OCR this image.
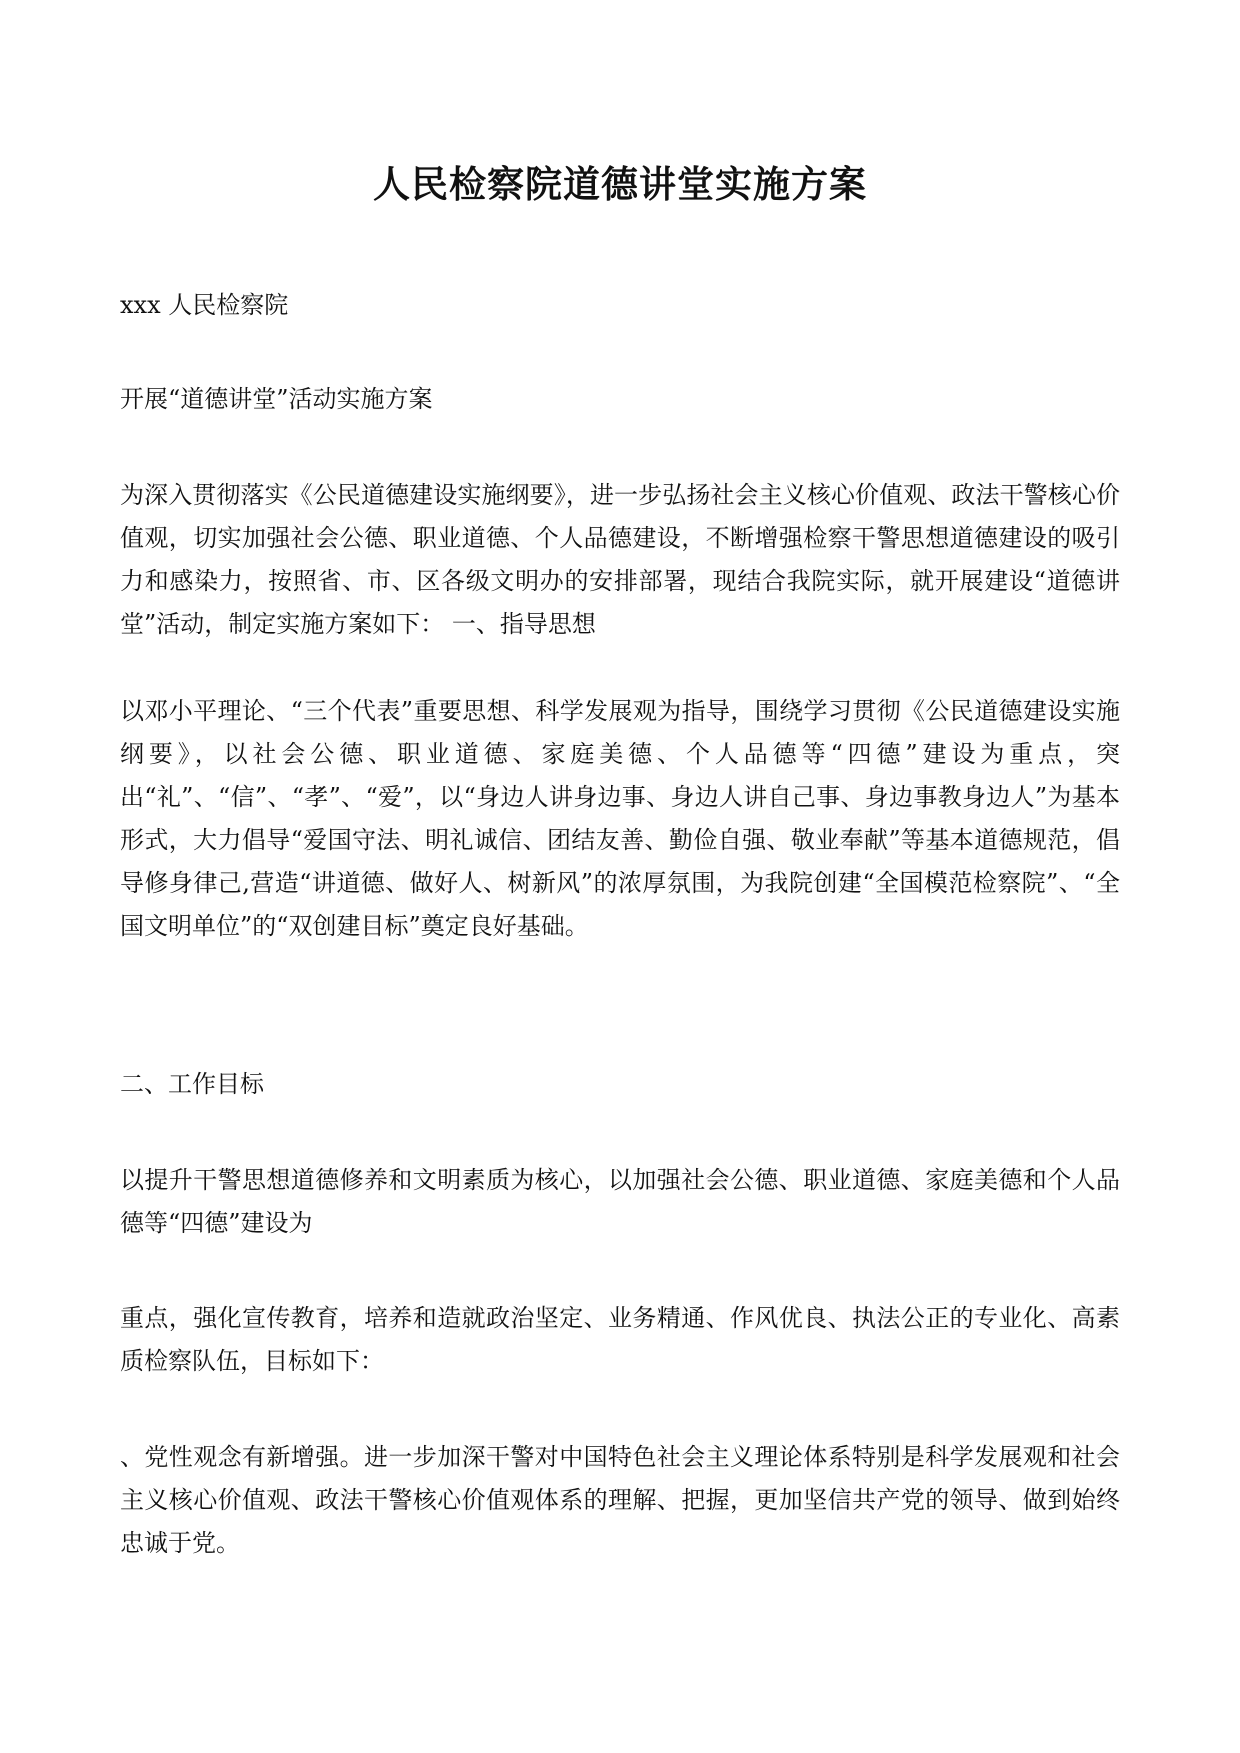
人民检察院道德讲堂实施方案

xxx 人民检察院

开展“道德讲堂”活动实施方案

为深入贯彻落实《公民道德建设实施纲要》，进一步弘扬社会主义核心价值观、政法干警核心价值观，切实加强社会公德、职业道德、个人品德建设，不断增强检察干警思想道德建设的吸引力和感染力，按照省、市、区各级文明办的安排部署，现结合我院实际，就开展建设“道德讲堂”活动，制定实施方案如下： 一、指导思想

以邓小平理论、“三个代表”重要思想、科学发展观为指导，围绕学习贯彻《公民道德建设实施纲要》，以社会公德、职业道德、家庭美德、个人品德等“四德”建设为重点，突出“礼”、“信”、“孝”、“爱”，以“身边人讲身边事、身边人讲自己事、身边事教身边人”为基本形式，大力倡导“爱国守法、明礼诚信、团结友善、勤俭自强、敬业奉献”等基本道德规范，倡导修身律己,营造“讲道德、做好人、树新风”的浓厚氛围，为我院创建“全国模范检察院”、“全国文明单位”的“双创建目标”奠定良好基础。

二、工作目标

以提升干警思想道德修养和文明素质为核心，以加强社会公德、职业道德、家庭美德和个人品德等“四德”建设为

重点，强化宣传教育，培养和造就政治坚定、业务精通、作风优良、执法公正的专业化、高素质检察队伍，目标如下：

、党性观念有新增强。进一步加深干警对中国特色社会主义理论体系特别是科学发展观和社会主义核心价值观、政法干警核心价值观体系的理解、把握，更加坚信共产党的领导、做到始终忠诚于党。
